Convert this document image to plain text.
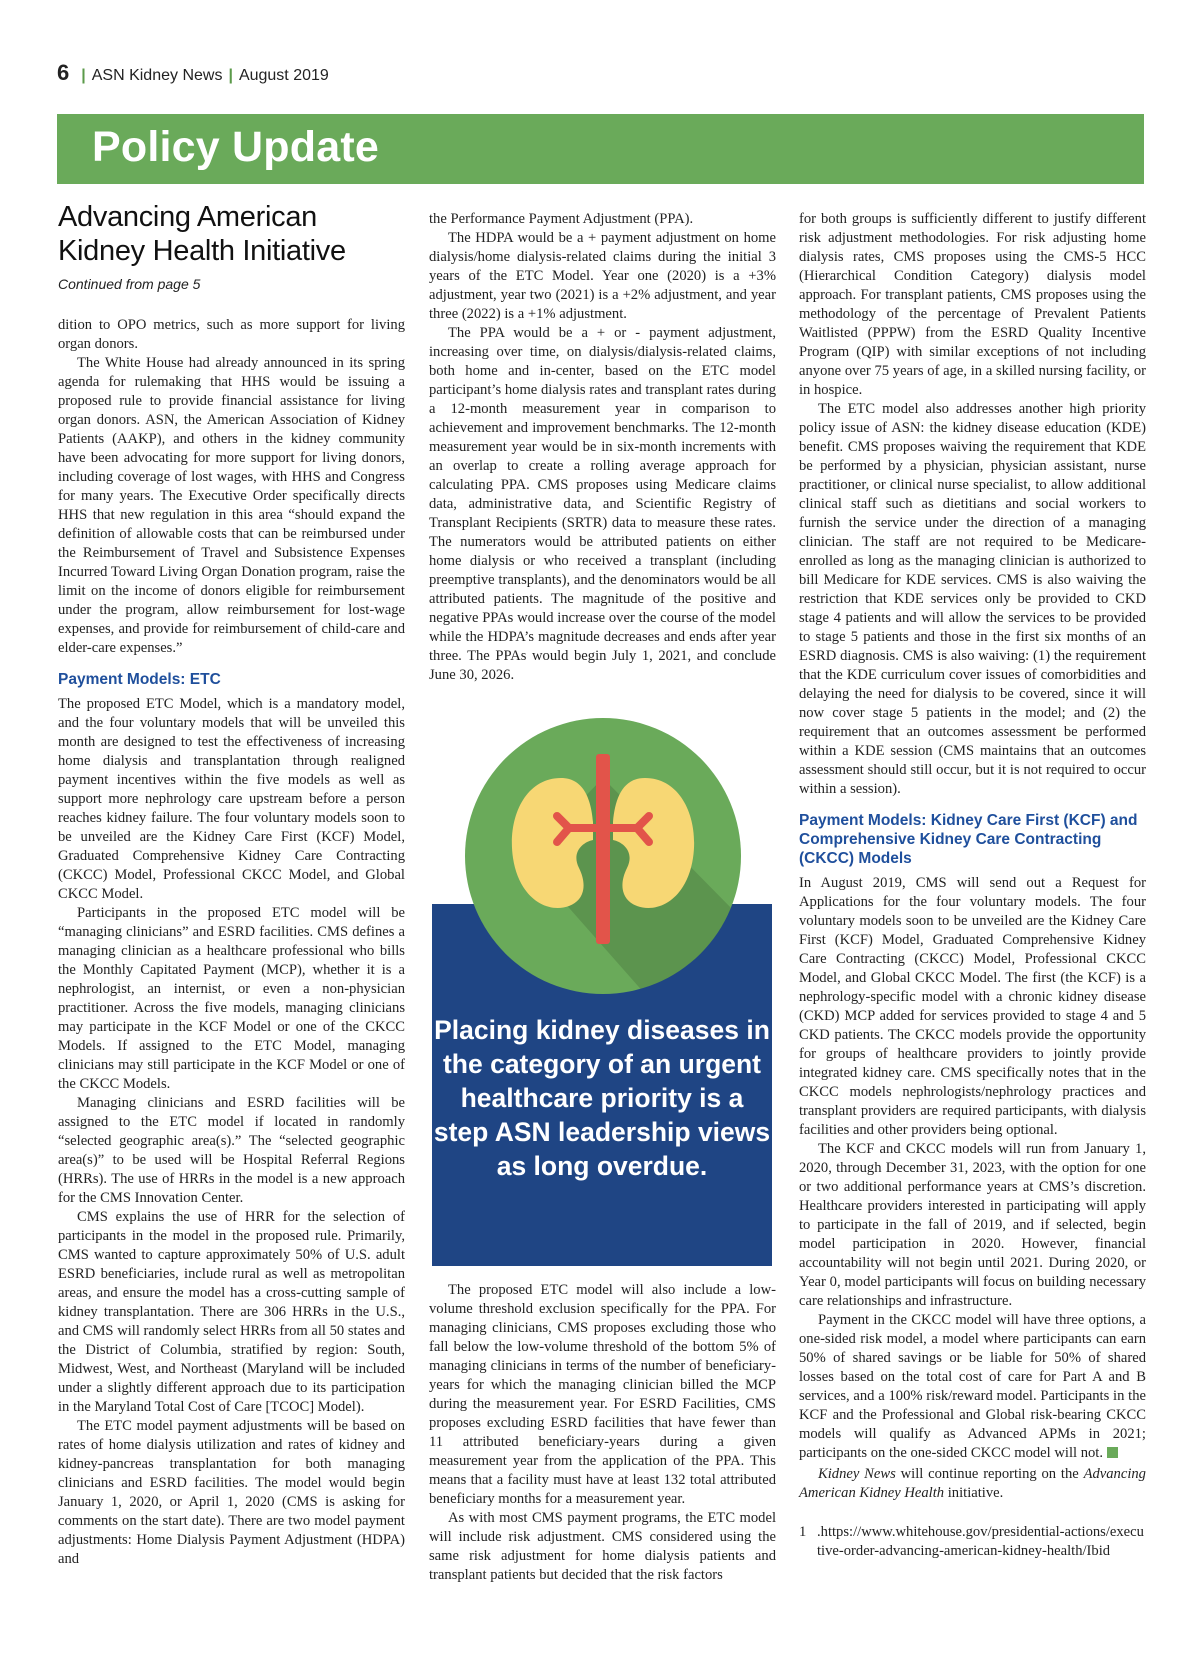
6 | ASN Kidney News | August 2019
Policy Update
Advancing American Kidney Health Initiative
Continued from page 5

dition to OPO metrics, such as more support for living organ donors.

The White House had already announced in its spring agenda for rulemaking that HHS would be issuing a proposed rule to provide financial assistance for living organ donors. ASN, the American Association of Kidney Patients (AAKP), and others in the kidney community have been advocating for more support for living donors, including coverage of lost wages, with HHS and Congress for many years. The Executive Order specifically directs HHS that new regulation in this area “should expand the definition of allowable costs that can be reimbursed under the Reimbursement of Travel and Subsistence Expenses Incurred Toward Living Organ Donation program, raise the limit on the income of donors eligible for reimbursement under the program, allow reimbursement for lost-wage expenses, and provide for reimbursement of child-care and elder-care expenses.”

Payment Models: ETC

The proposed ETC Model, which is a mandatory model, and the four voluntary models that will be unveiled this month are designed to test the effectiveness of increasing home dialysis and transplantation through realigned payment incentives within the five models as well as support more nephrology care upstream before a person reaches kidney failure. The four voluntary models soon to be unveiled are the Kidney Care First (KCF) Model, Graduated Comprehensive Kidney Care Contracting (CKCC) Model, Professional CKCC Model, and Global CKCC Model.

Participants in the proposed ETC model will be “managing clinicians” and ESRD facilities. CMS defines a managing clinician as a healthcare professional who bills the Monthly Capitated Payment (MCP), whether it is a nephrologist, an internist, or even a non-physician practitioner. Across the five models, managing clinicians may participate in the KCF Model or one of the CKCC Models. If assigned to the ETC Model, managing clinicians may still participate in the KCF Model or one of the CKCC Models.

Managing clinicians and ESRD facilities will be assigned to the ETC model if located in randomly “selected geographic area(s).” The “selected geographic area(s)” to be used will be Hospital Referral Regions (HRRs). The use of HRRs in the model is a new approach for the CMS Innovation Center.

CMS explains the use of HRR for the selection of participants in the model in the proposed rule. Primarily, CMS wanted to capture approximately 50% of U.S. adult ESRD beneficiaries, include rural as well as metropolitan areas, and ensure the model has a cross-cutting sample of kidney transplantation. There are 306 HRRs in the U.S., and CMS will randomly select HRRs from all 50 states and the District of Columbia, stratified by region: South, Midwest, West, and Northeast (Maryland will be included under a slightly different approach due to its participation in the Maryland Total Cost of Care [TCOC] Model).

The ETC model payment adjustments will be based on rates of home dialysis utilization and rates of kidney and kidney-pancreas transplantation for both managing clinicians and ESRD facilities. The model would begin January 1, 2020, or April 1, 2020 (CMS is asking for comments on the start date). There are two model payment adjustments: Home Dialysis Payment Adjustment (HDPA) and

the Performance Payment Adjustment (PPA).

The HDPA would be a + payment adjustment on home dialysis/home dialysis-related claims during the initial 3 years of the ETC Model. Year one (2020) is a +3% adjustment, year two (2021) is a +2% adjustment, and year three (2022) is a +1% adjustment.

The PPA would be a + or - payment adjustment, increasing over time, on dialysis/dialysis-related claims, both home and in-center, based on the ETC model participant’s home dialysis rates and transplant rates during a 12-month measurement year in comparison to achievement and improvement benchmarks. The 12-month measurement year would be in six-month increments with an overlap to create a rolling average approach for calculating PPA. CMS proposes using Medicare claims data, administrative data, and Scientific Registry of Transplant Recipients (SRTR) data to measure these rates. The numerators would be attributed patients on either home dialysis or who received a transplant (including preemptive transplants), and the denominators would be all attributed patients. The magnitude of the positive and negative PPAs would increase over the course of the model while the HDPA’s magnitude decreases and ends after year three. The PPAs would begin July 1, 2021, and conclude June 30, 2026.

Placing kidney diseases in the category of an urgent healthcare priority is a step ASN leadership views as long overdue.

The proposed ETC model will also include a low-volume threshold exclusion specifically for the PPA. For managing clinicians, CMS proposes excluding those who fall below the low-volume threshold of the bottom 5% of managing clinicians in terms of the number of beneficiary-years for which the managing clinician billed the MCP during the measurement year. For ESRD Facilities, CMS proposes excluding ESRD facilities that have fewer than 11 attributed beneficiary-years during a given measurement year from the application of the PPA. This means that a facility must have at least 132 total attributed beneficiary months for a measurement year.

As with most CMS payment programs, the ETC model will include risk adjustment. CMS considered using the same risk adjustment for home dialysis patients and transplant patients but decided that the risk factors

for both groups is sufficiently different to justify different risk adjustment methodologies. For risk adjusting home dialysis rates, CMS proposes using the CMS-5 HCC (Hierarchical Condition Category) dialysis model approach. For transplant patients, CMS proposes using the methodology of the percentage of Prevalent Patients Waitlisted (PPPW) from the ESRD Quality Incentive Program (QIP) with similar exceptions of not including anyone over 75 years of age, in a skilled nursing facility, or in hospice.

The ETC model also addresses another high priority policy issue of ASN: the kidney disease education (KDE) benefit. CMS proposes waiving the requirement that KDE be performed by a physician, physician assistant, nurse practitioner, or clinical nurse specialist, to allow additional clinical staff such as dietitians and social workers to furnish the service under the direction of a managing clinician. The staff are not required to be Medicare-enrolled as long as the managing clinician is authorized to bill Medicare for KDE services. CMS is also waiving the restriction that KDE services only be provided to CKD stage 4 patients and will allow the services to be provided to stage 5 patients and those in the first six months of an ESRD diagnosis. CMS is also waiving: (1) the requirement that the KDE curriculum cover issues of comorbidities and delaying the need for dialysis to be covered, since it will now cover stage 5 patients in the model; and (2) the requirement that an outcomes assessment be performed within a KDE session (CMS maintains that an outcomes assessment should still occur, but it is not required to occur within a session).

Payment Models: Kidney Care First (KCF) and Comprehensive Kidney Care Contracting (CKCC) Models

In August 2019, CMS will send out a Request for Applications for the four voluntary models. The four voluntary models soon to be unveiled are the Kidney Care First (KCF) Model, Graduated Comprehensive Kidney Care Contracting (CKCC) Model, Professional CKCC Model, and Global CKCC Model. The first (the KCF) is a nephrology-specific model with a chronic kidney disease (CKD) MCP added for services provided to stage 4 and 5 CKD patients. The CKCC models provide the opportunity for groups of healthcare providers to jointly provide integrated kidney care. CMS specifically notes that in the CKCC models nephrologists/nephrology practices and transplant providers are required participants, with dialysis facilities and other providers being optional.

The KCF and CKCC models will run from January 1, 2020, through December 31, 2023, with the option for one or two additional performance years at CMS’s discretion. Healthcare providers interested in participating will apply to participate in the fall of 2019, and if selected, begin model participation in 2020. However, financial accountability will not begin until 2021. During 2020, or Year 0, model participants will focus on building necessary care relationships and infrastructure.

Payment in the CKCC model will have three options, a one-sided risk model, a model where participants can earn 50% of shared savings or be liable for 50% of shared losses based on the total cost of care for Part A and B services, and a 100% risk/reward model. Participants in the KCF and the Professional and Global risk-bearing CKCC models will qualify as Advanced APMs in 2021; participants on the one-sided CKCC model will not.

Kidney News will continue reporting on the Advancing American Kidney Health initiative.

1 .https://www.whitehouse.gov/presidential-actions/executive-order-advancing-american-kidney-health/Ibid
